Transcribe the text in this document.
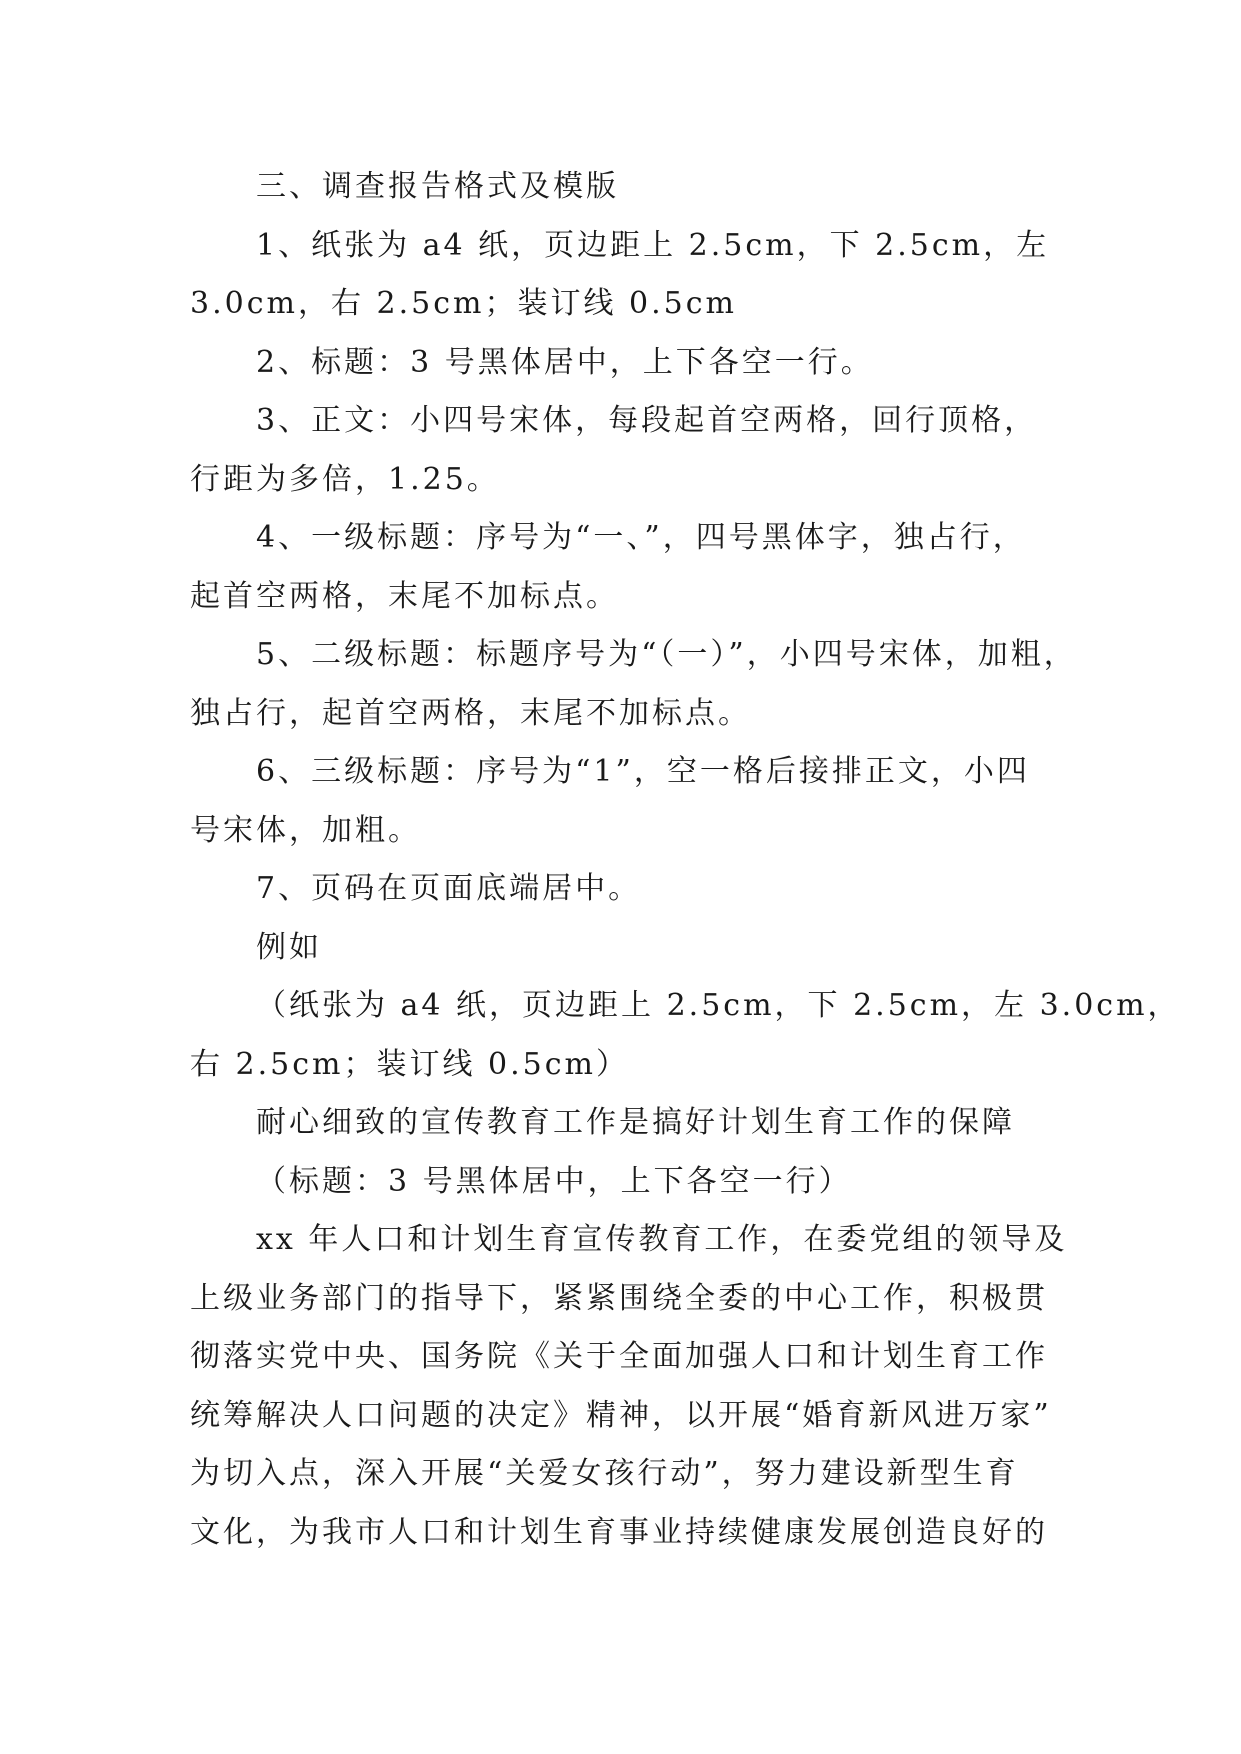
三、调查报告格式及模版
1、纸张为 a4 纸，页边距上 2.5cm，下 2.5cm，左
3.0cm，右 2.5cm；装订线 0.5cm
2、标题：3 号黑体居中，上下各空一行。
3、正文：小四号宋体，每段起首空两格，回行顶格，
行距为多倍，1.25。
4、一级标题：序号为“一、”，四号黑体字，独占行，
起首空两格，末尾不加标点。
5、二级标题：标题序号为“（一）”，小四号宋体，加粗，
独占行，起首空两格，末尾不加标点。
6、三级标题：序号为“1”，空一格后接排正文，小四
号宋体，加粗。
7、页码在页面底端居中。
例如
（纸张为 a4 纸，页边距上 2.5cm，下 2.5cm，左 3.0cm，
右 2.5cm；装订线 0.5cm）
耐心细致的宣传教育工作是搞好计划生育工作的保障
（标题：3 号黑体居中，上下各空一行）
xx 年人口和计划生育宣传教育工作，在委党组的领导及
上级业务部门的指导下，紧紧围绕全委的中心工作，积极贯
彻落实党中央、国务院《关于全面加强人口和计划生育工作
统筹解决人口问题的决定》精神，以开展“婚育新风进万家”
为切入点，深入开展“关爱女孩行动”，努力建设新型生育
文化，为我市人口和计划生育事业持续健康发展创造良好的
